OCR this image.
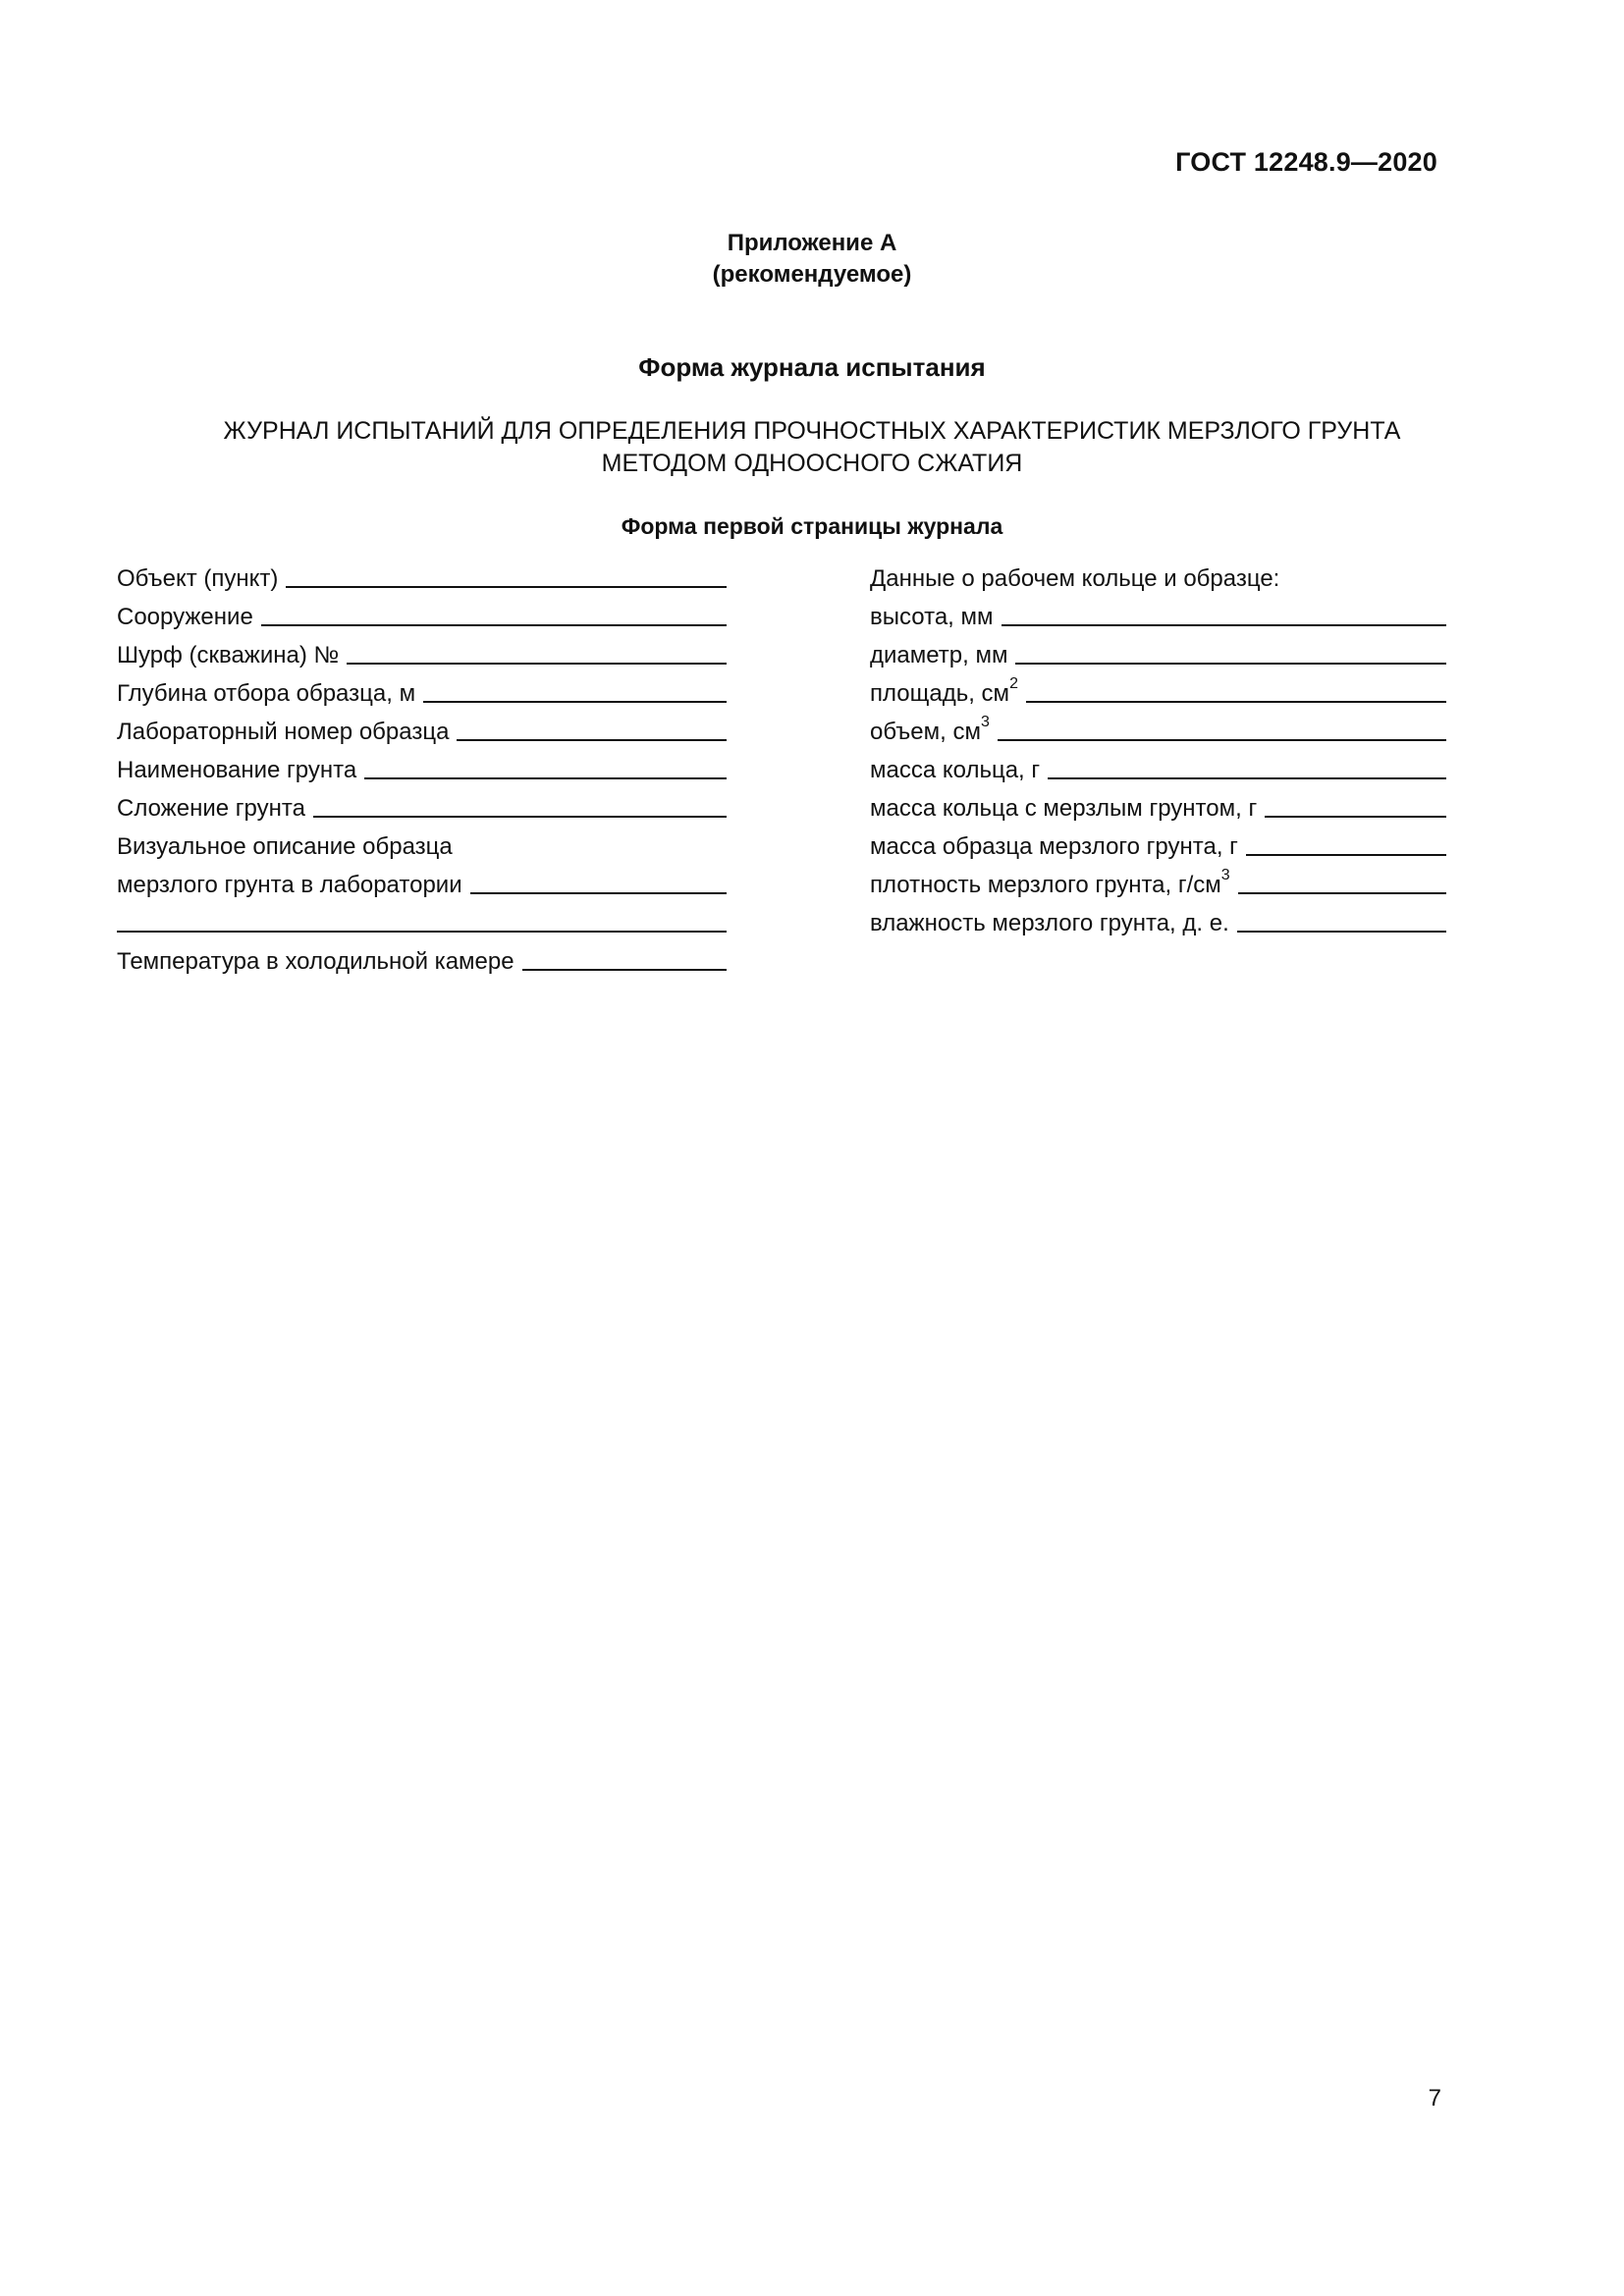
ГОСТ 12248.9—2020
Приложение А
(рекомендуемое)
Форма журнала испытания
ЖУРНАЛ ИСПЫТАНИЙ ДЛЯ ОПРЕДЕЛЕНИЯ ПРОЧНОСТНЫХ ХАРАКТЕРИСТИК МЕРЗЛОГО ГРУНТА
МЕТОДОМ ОДНООСНОГО СЖАТИЯ
Форма первой страницы журнала
Объект (пункт)
Сооружение
Шурф (скважина) №
Глубина отбора образца, м
Лабораторный номер образца
Наименование грунта
Сложение грунта
Визуальное описание образца
мерзлого грунта в лаборатории
Температура в холодильной камере
Данные о рабочем кольце и образце:
высота, мм
диаметр, мм
площадь, $см^2$
объем, $см^3$
масса кольца, г
масса кольца с мерзлым грунтом, г
масса образца мерзлого грунта, г
плотность мерзлого грунта, $г/см^3$
влажность мерзлого грунта, д. е.
7
